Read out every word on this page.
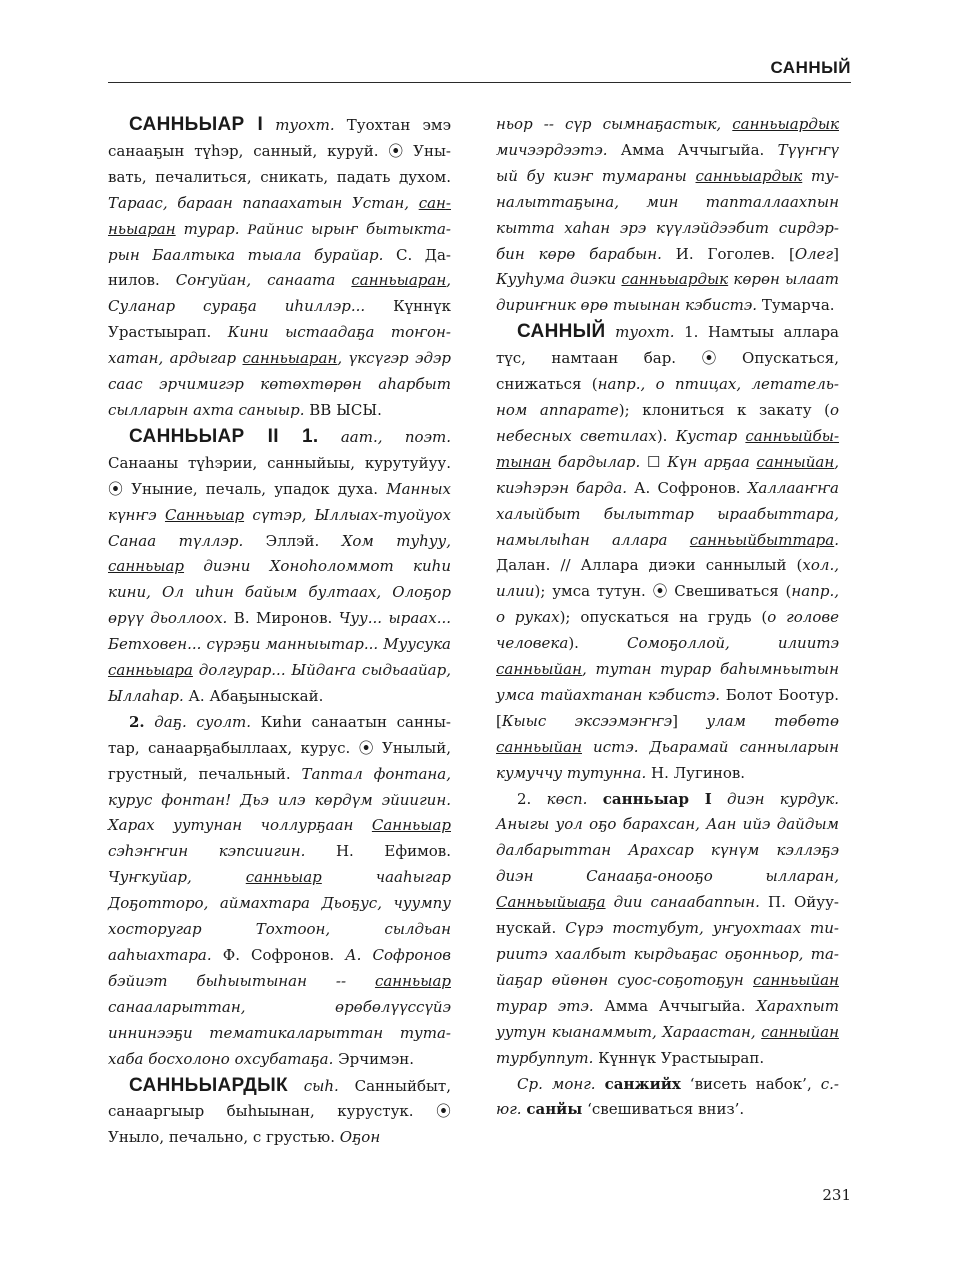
САННЫЙ

САННЬЫАР I туохт. Туохтан эмэ санааҕын түһэр, санный, куруй. ⦿ Унывать, печалиться, сникать, падать духом. Тараас, бараан папаахатын Устан, санньыаран турар. Ҏайнис ырыҥ бытыктарын Баалтыка тыала бурайар. С. Данилов. Соҥуйан, санаата санньыаран, Суланар сураҕа иһиллэр... Күннүк Урастыырап. Кини ыстаадаҕа тоҥонхатан, ардыгар санньыаран, үксүгэр эдэр саас эрчимигэр көтөхтөрөн аһарбыт сылларын ахта саныыр. ВВ ЫСЫ.

САННЬЫАР II 1. аат., поэт. Санааны түһэрии, санныйыы, курутуйуу. ⦿ Уныние, печаль, упадок духа. Манных күнҥэ Санньыар сүтэр, Ыллыах-туойуох Санаа түллэр. Эллэй. Хом туһуу, санньыар диэни Хоноһоломмот киһи кини, Ол иһин байым бултаах, Олоҕор өрүү дьоллоох. В. Миронов. Чуу... ыраах... Бетховен... сүрэҕи манныытар... Муусука санньыара долгурар... Ыйдаҥа сыдьаайар, Ыллаһар. А. Абаҕыныскай.

2. даҕ. суолт. Киһи санаатын саннытар, санаарҕабыллаах, курус. ⦿ Унылый, грустный, печальный. Таптал фонтана, курус фонтан! Дьэ илэ көрдүм эйиигин. Харах уутунан чоллурҕаан Санньыар сэһэҥҥин кэпсиигин. Н. Ефимов. Чуҥкуйар, санньыар чааһыгар Доҕотторо, аймахтара Дьоҕус, чуумпу хосторугар Тохтоон, сылдьан ааһыахтара. Ф. Софронов. А. Софронов бэйиэт быһыытынан -- санньыар санааларыттан, өрөбөлүүссүйэ иннинээҕи тематикаларыттан тута-хаба босхолоно охсубатаҕа. Эрчимэн.

САННЬЫАРДЫК сыһ. Санныйбыт, санааргыыр быһыынан, курустук. ⦿ Уныло, печально, с грустью. Оҕон

ньор -- сүр сымнаҕастык, санньыардык мичээрдээтэ. Амма Аччыгыйа. Түүҥҥү ый бу киэҥ тумараны санньыардык туналыттаҕына, мин тапталлаахпын кытта хаһан эрэ күүлэйдээбит сирдэрбин көрө барабын. И. Гоголев. [Олег] Кууһума диэки санньыардык көрөн ылаат дириҥник өрө тыынан кэбистэ. Тумарча.

САННЫЙ туохт. 1. Намтыы аллара түс, намтаан бар. ⦿ Опускаться, снижаться (напр., о птицах, летательном аппарате); клониться к закату (о небесных светилах). Кустар санньыйбытынан бардылар. ☐ Күн арҕаа санныйан, киэһэрэн барда. А. Софронов. Халлааҥҥа халыйбыт былыттар ыраабыттара, намылыһан аллара санньыйбыттара. Далан. // Аллара диэки саннылый (хол., илии); умса тутун. ⦿ Свешиваться (напр., о руках); опускаться на грудь (о голове человека). Сомоҕоллой, илиитэ санньыйан, тутан турар баһымньытын умса тайахтанан кэбистэ. Болот Боотур. [Кыыс эксээмэҥҥэ] улам төбөтө санньыйан истэ. Дьарамай санныларын кумуччу тутунна. Н. Лугинов.

2. көсп. санньыар I диэн курдук. Аныгы уол оҕо барахсан, Аан ийэ дайдым далбарыттан Арахсар күнүм кэллэҕэ диэн Санааҕа-онооҕо ылларан, Санньыйыаҕа дии санаабаппын. П. Ойуунускай. Сүрэ тостубут, уҥуохтаах тириитэ хаалбыт кырдьаҕас оҕонньор, тайаҕар өйөнөн суос-соҕотоҕун санньыйан турар этэ. Амма Аччыгыйа. Харахпыт уутун кыанаммыт, Хараастан, санныйан турбуппут. Күннүк Урастыырап.

Ср. монг. санжийх ‘висеть набок’, с.-юг. санйы ‘свешиваться вниз’.

231
